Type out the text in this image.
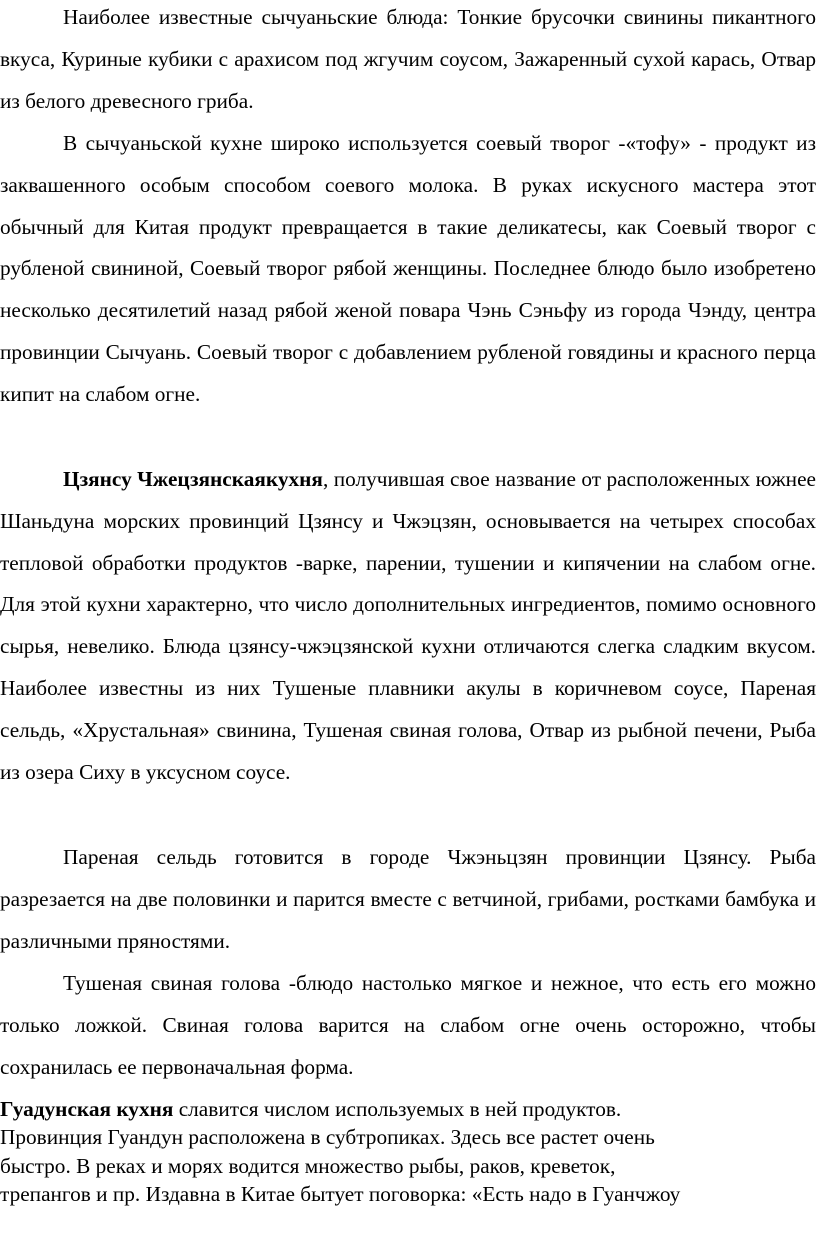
Наиболее известные сычуаньские блюда: Тонкие брусочки свинины пикантного вкуса, Куриные кубики с арахисом под жгучим соусом, Зажаренный сухой карась, Отвар из белого древесного гриба.

В сычуаньской кухне широко используется соевый творог -«тофу» - продукт из заквашенного особым способом соевого молока. В руках искусного мастера этот обычный для Китая продукт превращается в такие деликатесы, как Соевый творог с рубленой свининой, Соевый творог рябой женщины. Последнее блюдо было изобретено несколько десятилетий назад рябой женой повара Чэнь Сэньфу из города Чэнду, центра провинции Сычуань. Соевый творог с добавлением рубленой говядины и красного перца кипит на слабом огне.

Цзянсу Чжецзянскаякухня, получившая свое название от расположенных южнее Шаньдуна морских провинций Цзянсу и Чжэцзян, основывается на четырех способах тепловой обработки продуктов -варке, парении, тушении и кипячении на слабом огне. Для этой кухни характерно, что число дополнительных ингредиентов, помимо основного сырья, невелико. Блюда цзянсу-чжэцзянской кухни отличаются слегка сладким вкусом. Наиболее известны из них Тушеные плавники акулы в коричневом соусе, Пареная сельдь, «Хрустальная» свинина, Тушеная свиная голова, Отвар из рыбной печени, Рыба из озера Сиху в уксусном соусе.

Пареная сельдь готовится в городе Чжэньцзян провинции Цзянсу. Рыба разрезается на две половинки и парится вместе с ветчиной, грибами, ростками бамбука и различными пряностями.

Тушеная свиная голова -блюдо настолько мягкое и нежное, что есть его можно только ложкой. Свиная голова варится на слабом огне очень осторожно, чтобы сохранилась ее первоначальная форма.

Гуадунская кухня славится числом используемых в ней продуктов.
Провинция Гуандун расположена в субтропиках. Здесь все растет очень
быстро. В реках и морях водится множество рыбы, раков, креветок,
трепангов и пр. Издавна в Китае бытует поговорка: «Есть надо в Гуанчжоу
